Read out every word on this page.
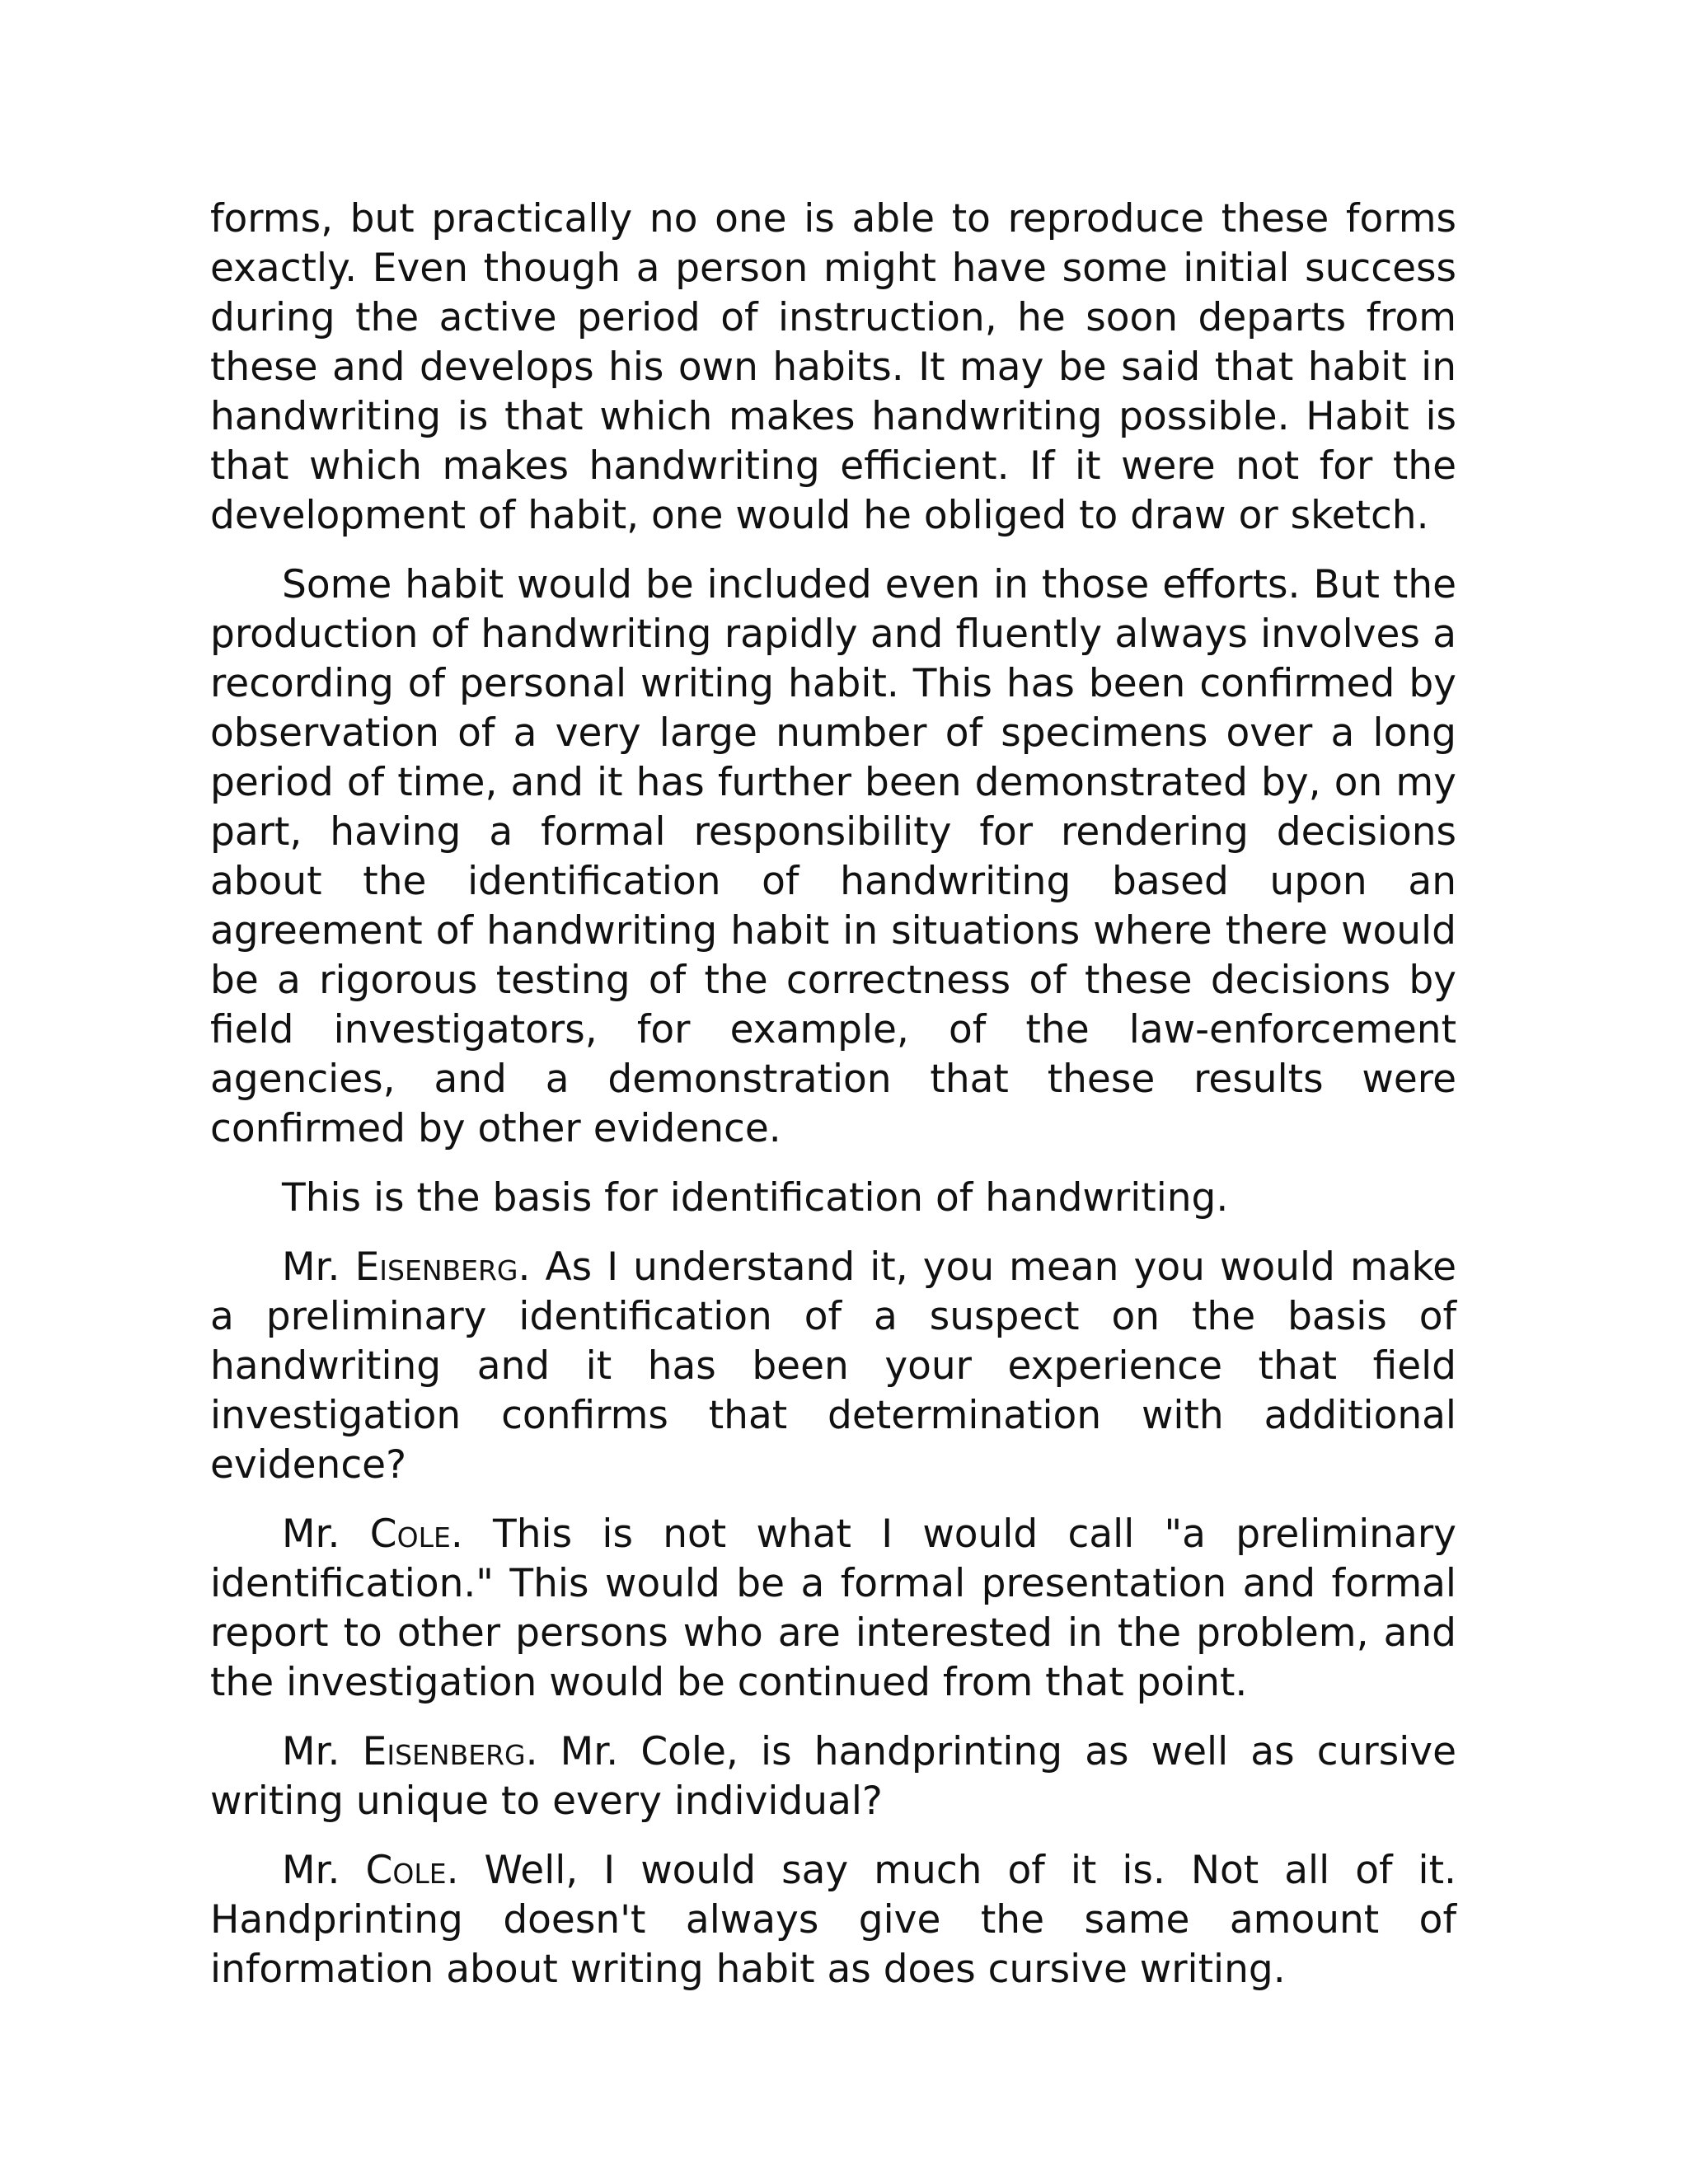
forms, but practically no one is able to reproduce these forms exactly. Even though a person might have some initial success during the active period of instruction, he soon departs from these and develops his own habits. It may be said that habit in handwriting is that which makes handwriting possible. Habit is that which makes handwriting efficient. If it were not for the development of habit, one would he obliged to draw or sketch.

Some habit would be included even in those efforts. But the production of handwriting rapidly and fluently always involves a recording of personal writing habit. This has been confirmed by observation of a very large number of specimens over a long period of time, and it has further been demonstrated by, on my part, having a formal responsibility for rendering decisions about the identification of handwriting based upon an agreement of handwriting habit in situations where there would be a rigorous testing of the correctness of these decisions by field investigators, for example, of the law-enforcement agencies, and a demonstration that these results were confirmed by other evidence.

This is the basis for identification of handwriting.

Mr. Eisenberg. As I understand it, you mean you would make a preliminary identification of a suspect on the basis of handwriting and it has been your experience that field investigation confirms that determination with additional evidence?

Mr. Cole. This is not what I would call "a preliminary identification." This would be a formal presentation and formal report to other persons who are interested in the problem, and the investigation would be continued from that point.

Mr. Eisenberg. Mr. Cole, is handprinting as well as cursive writing unique to every individual?

Mr. Cole. Well, I would say much of it is. Not all of it. Handprinting doesn't always give the same amount of information about writing habit as does cursive writing.
